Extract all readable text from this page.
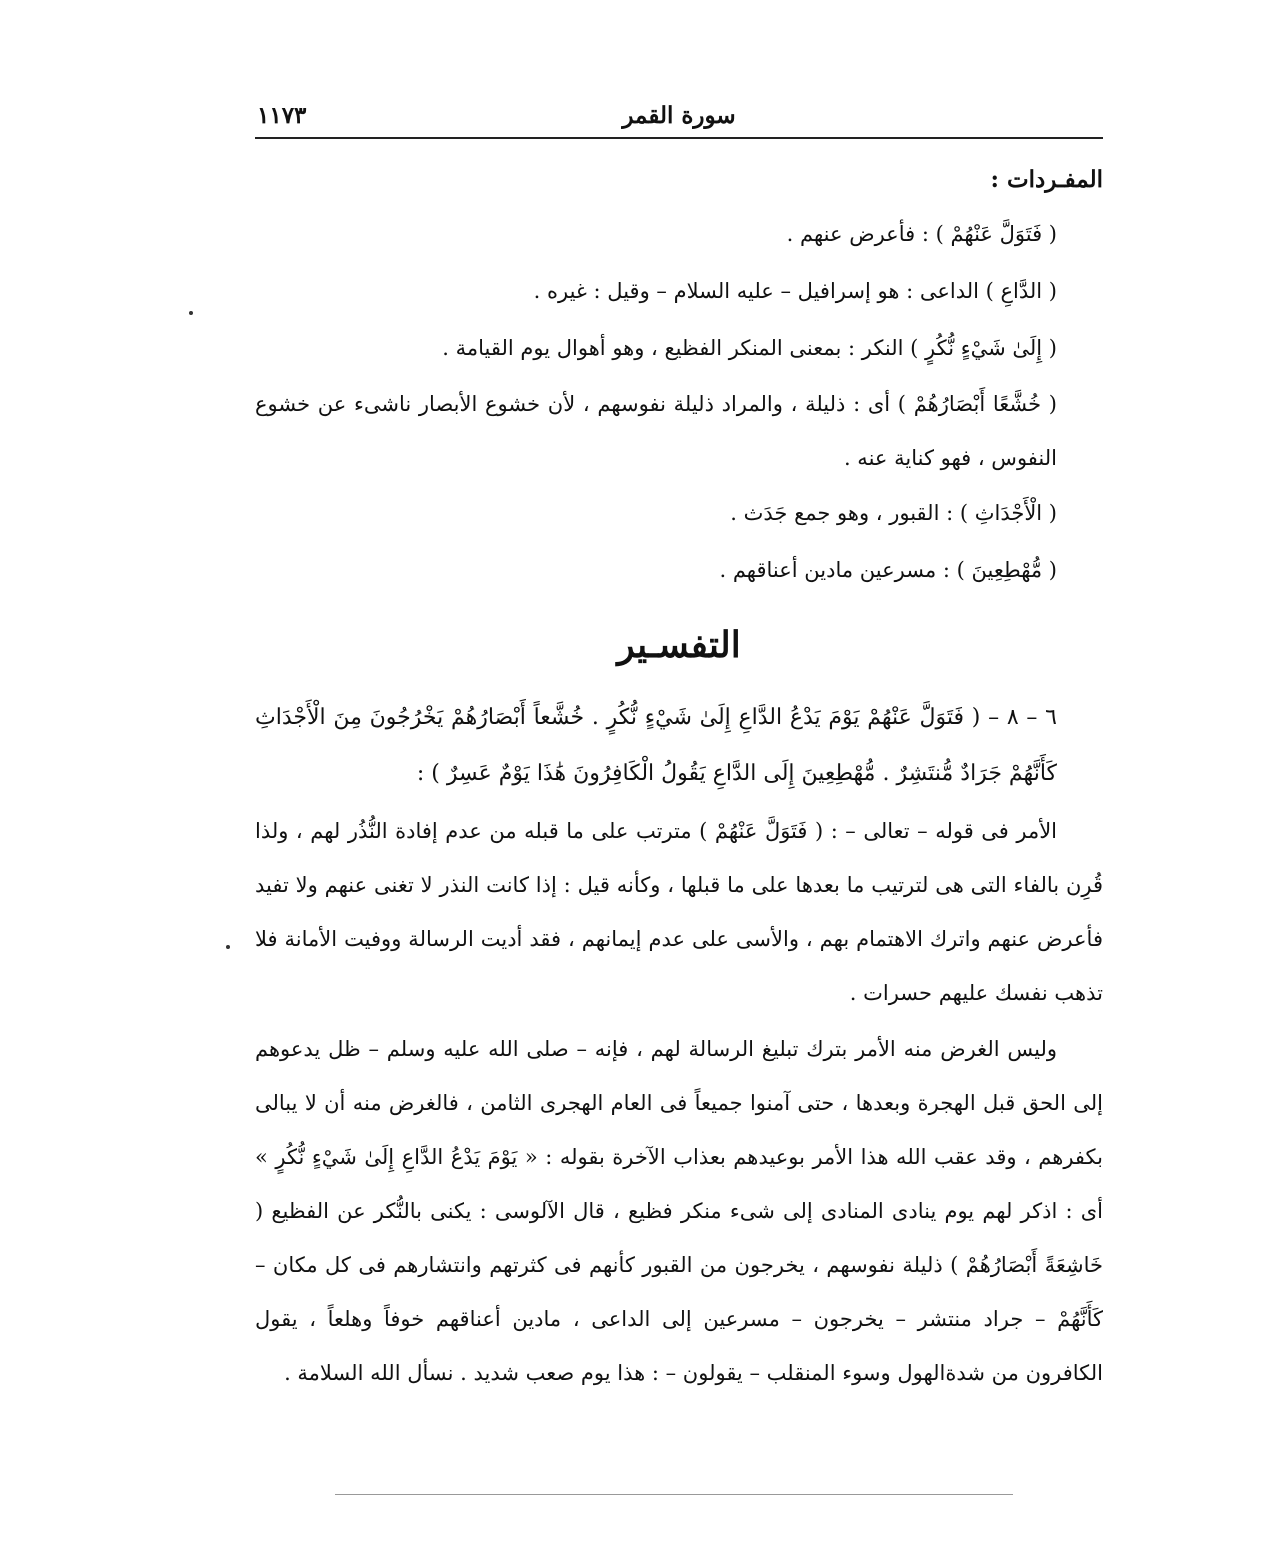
سورة القمر
١١٧٣
المفـردات :
( فَتَوَلَّ عَنْهُمْ ) : فأعرض عنهم .
( الدَّاعِ ) الداعى : هو إسرافيل – عليه السلام – وقيل : غيره .
( إِلَىٰ شَيْءٍ نُّكُرٍ ) النكر : بمعنى المنكر الفظيع ، وهو أهوال يوم القيامة .
( خُشَّعًا أَبْصَارُهُمْ ) أى : ذليلة ، والمراد ذليلة نفوسهم ، لأن خشوع الأبصار ناشىء عن خشوع النفوس ، فهو كناية عنه .
( الْأَجْدَاثِ ) : القبور ، وهو جمع جَدَث .
( مُّهْطِعِينَ ) : مسرعين مادين أعناقهم .
التفسـير
٦ – ٨ – ( فَتَوَلَّ عَنْهُمْ يَوْمَ يَدْعُ الدَّاعِ إِلَىٰ شَيْءٍ نُّكُرٍ . خُشَّعاً أَبْصَارُهُمْ يَخْرُجُونَ مِنَ الْأَجْدَاثِ كَأَنَّهُمْ جَرَادٌ مُّنتَشِرٌ . مُّهْطِعِينَ إِلَى الدَّاعِ يَقُولُ الْكَافِرُونَ هَٰذَا يَوْمٌ عَسِرٌ ) :
الأمر فى قوله – تعالى – : ( فَتَوَلَّ عَنْهُمْ ) مترتب على ما قبله من عدم إفادة النُّذُر لهم ، ولذا قُرِن بالفاء التى هى لترتيب ما بعدها على ما قبلها ، وكأنه قيل : إذا كانت النذر لا تغنى عنهم ولا تفيد فأعرض عنهم واترك الاهتمام بهم ، والأسى على عدم إيمانهم ، فقد أديت الرسالة ووفيت الأمانة فلا تذهب نفسك عليهم حسرات .
وليس الغرض منه الأمر بترك تبليغ الرسالة لهم ، فإنه – صلى الله عليه وسلم – ظل يدعوهم إلى الحق قبل الهجرة وبعدها ، حتى آمنوا جميعاً فى العام الهجرى الثامن ، فالغرض منه أن لا يبالى بكفرهم ، وقد عقب الله هذا الأمر بوعيدهم بعذاب الآخرة بقوله : « يَوْمَ يَدْعُ الدَّاعِ إِلَىٰ شَيْءٍ نُّكُرٍ » أى : اذكر لهم يوم ينادى المنادى إلى شىء منكر فظيع ، قال الآلوسى : يكنى بالنُّكر عن الفظيع ( خَاشِعَةً أَبْصَارُهُمْ ) ذليلة نفوسهم ، يخرجون من القبور كأنهم فى كثرتهم وانتشارهم فى كل مكان – كَأَنَّهُمْ – جراد منتشر – يخرجون – مسرعين إلى الداعى ، مادين أعناقهم خوفاً وهلعاً ، يقول الكافرون من شدةالهول وسوء المنقلب – يقولون – : هذا يوم صعب شديد . نسأل الله السلامة .
